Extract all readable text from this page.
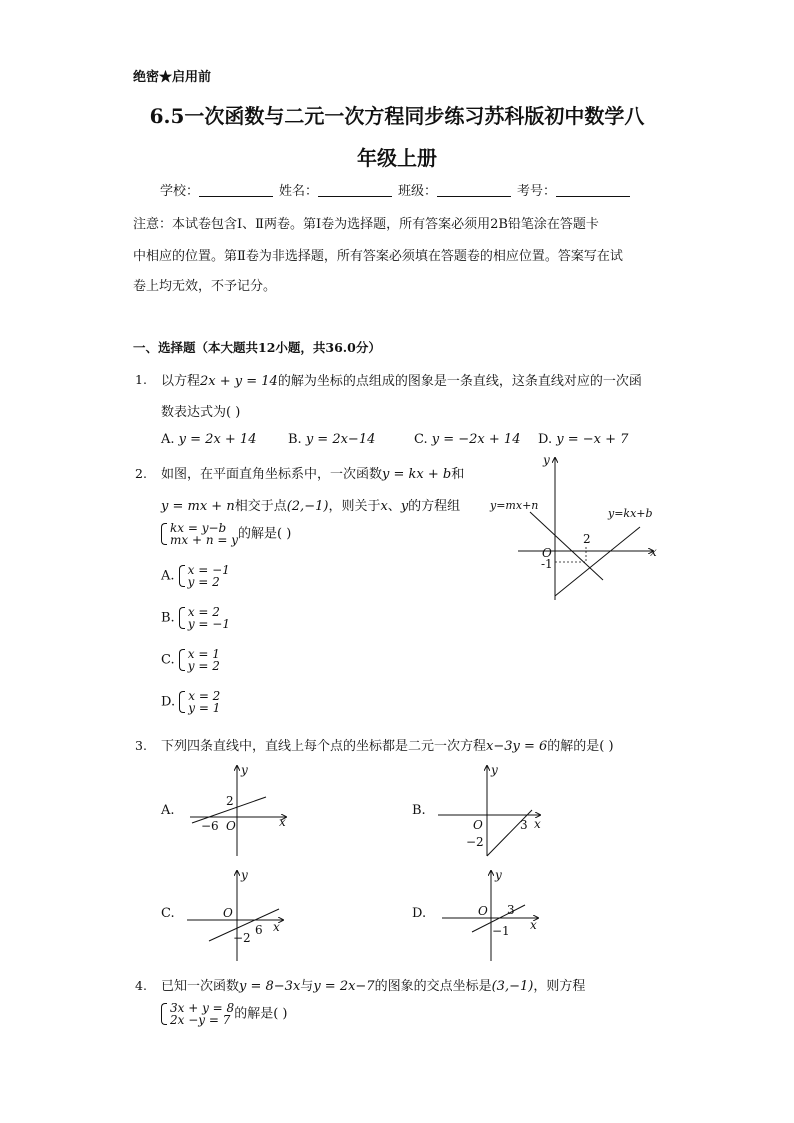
绝密★启用前
6.5一次函数与二元一次方程同步练习苏科版初中数学八
年级上册
学校：	姓名：	班级：	考号：
注意：本试卷包含Ⅰ、Ⅱ两卷。第Ⅰ卷为选择题，所有答案必须用2B铅笔涂在答题卡
中相应的位置。第Ⅱ卷为非选择题，所有答案必须填在答题卷的相应位置。答案写在试
卷上均无效，不予记分。
一、选择题（本大题共12小题，共36.0分）
1. 以方程2x + y = 14的解为坐标的点组成的图象是一条直线，这条直线对应的一次函
数表达式为( )
A. y = 2x + 14 B. y = 2x−14	C. y = −2x + 14 D. y = −x + 7
2. 如图，在平面直角坐标系中，一次函数y = kx + b和
y = mx + n相交于点(2,−1)，则关于x、y的方程组
kx = y−b
mx + n = y 的解是( )
A. x = −1
y = 2
B. x = 2
y = −1
C. x = 1
y = 2
D. x = 2
y = 1
y
x
O
y=mx+n
y=kx+b
2
-1
3. 下列四条直线中，直线上每个点的坐标都是二元一次方程x−3y = 6的解的是( )
A.
y
x
O
2
−6
B.
y
x
O	3
−2
C.
y
x
O
6
−2
D.
y
x
O 3
−1
4. 已知一次函数y = 8−3x与y = 2x−7的图象的交点坐标是(3,−1)，则方程
3x + y = 8
2x −y = 7 的解是( )
